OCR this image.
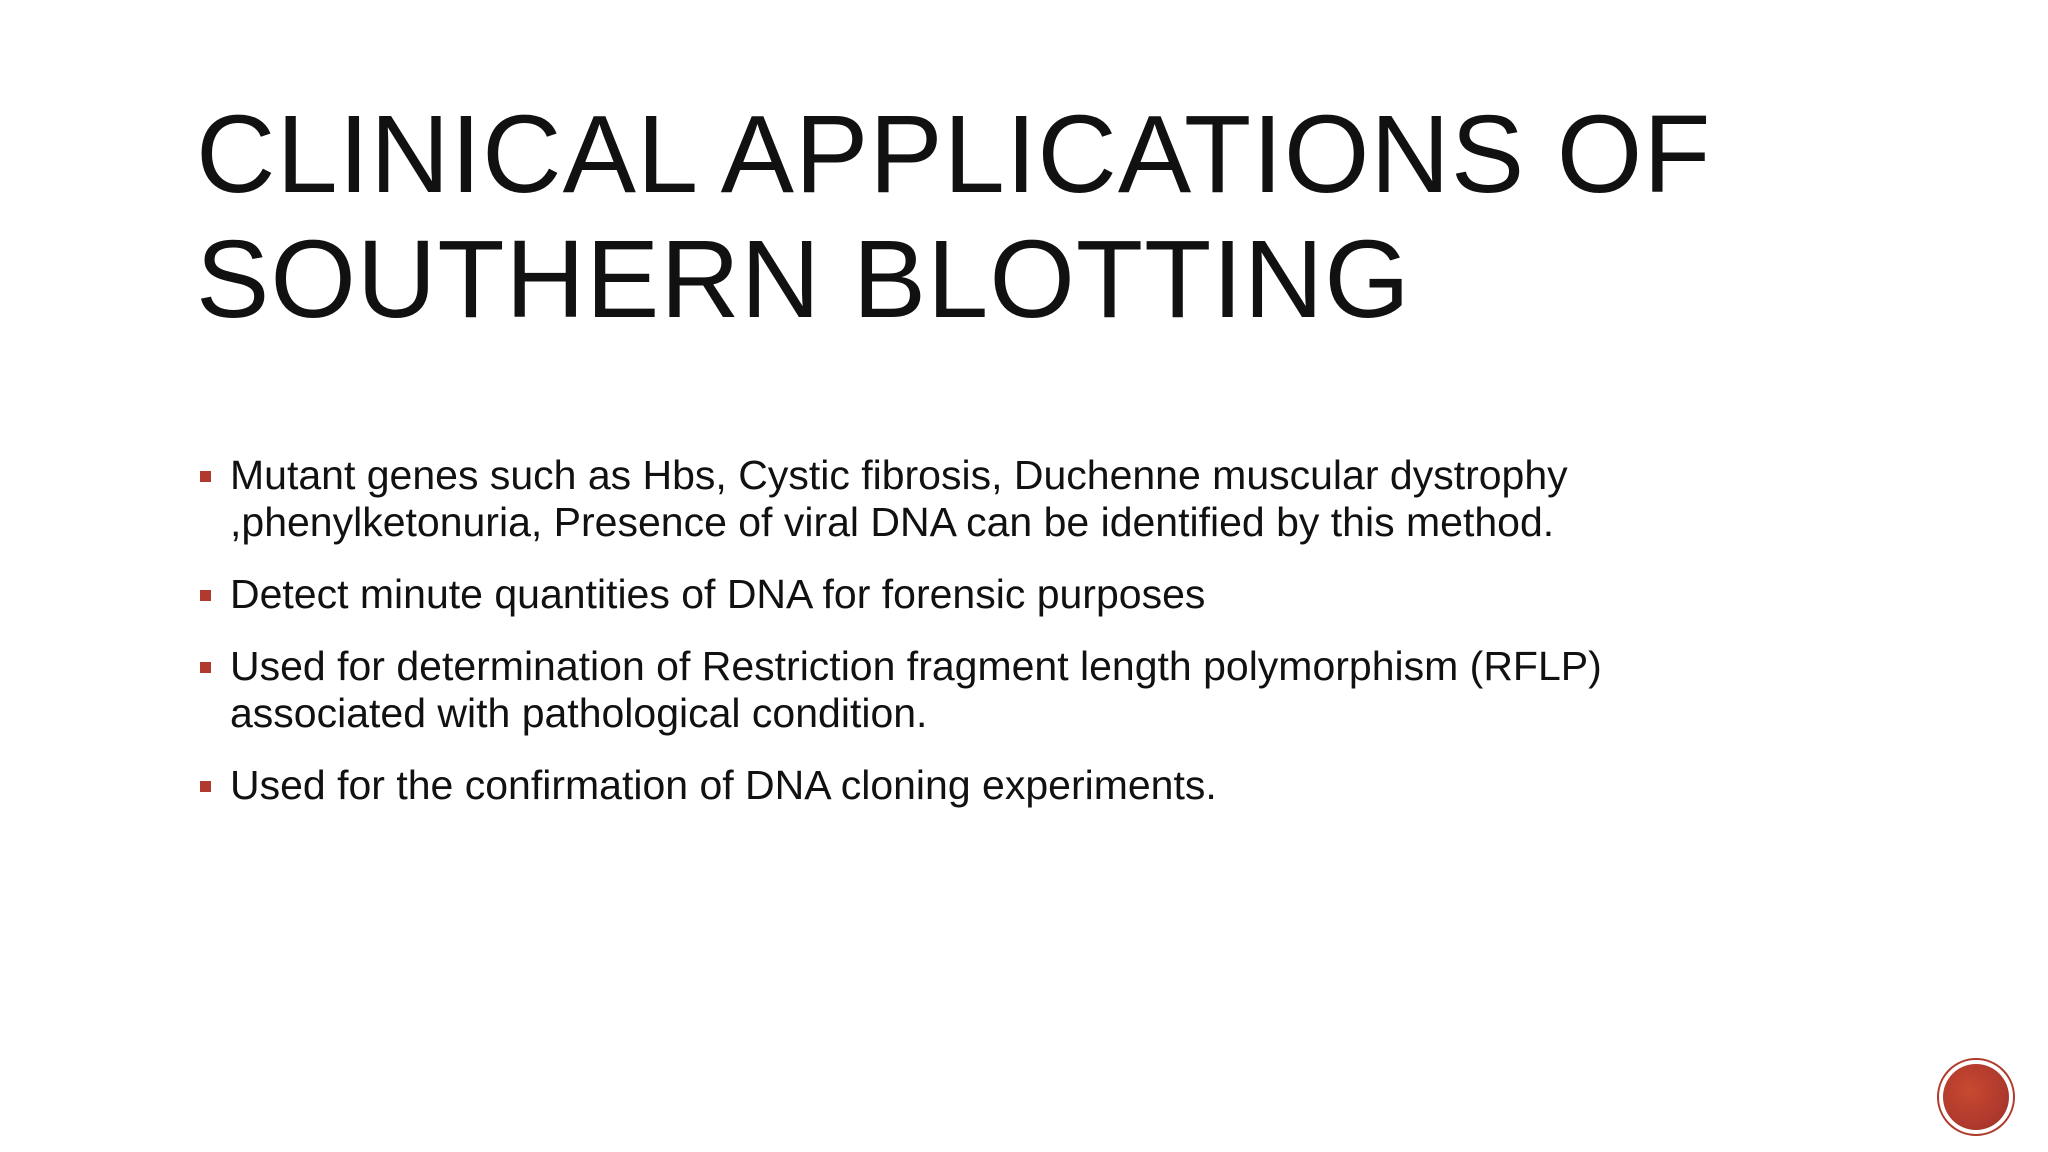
CLINICAL APPLICATIONS OF
SOUTHERN BLOTTING
Mutant genes such as Hbs, Cystic fibrosis, Duchenne muscular dystrophy
,phenylketonuria, Presence of viral DNA can be identified by this method.
Detect minute quantities of DNA for forensic purposes
Used for determination of Restriction fragment length polymorphism (RFLP)
associated with pathological condition.
Used for the confirmation of DNA cloning experiments.
